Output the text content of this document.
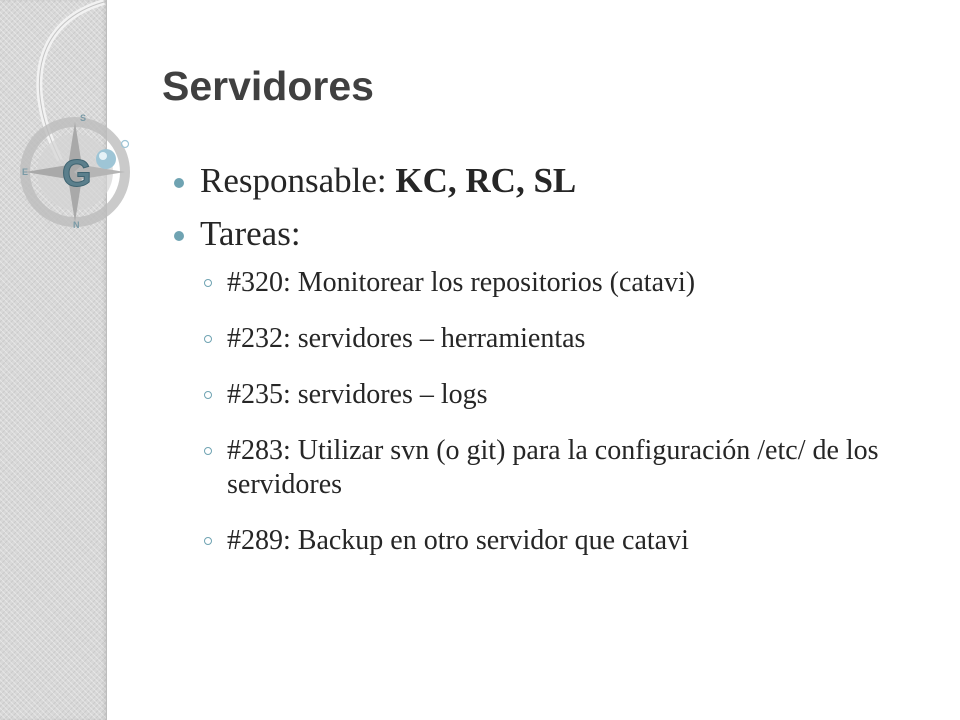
S
E
N
G
Servidores
Responsable: KC, RC, SL
Tareas:
#320: Monitorear los repositorios (catavi)
#232: servidores – herramientas
#235: servidores – logs
#283: Utilizar svn (o git) para la configuración /etc/ de los servidores
#289: Backup en otro servidor que catavi
